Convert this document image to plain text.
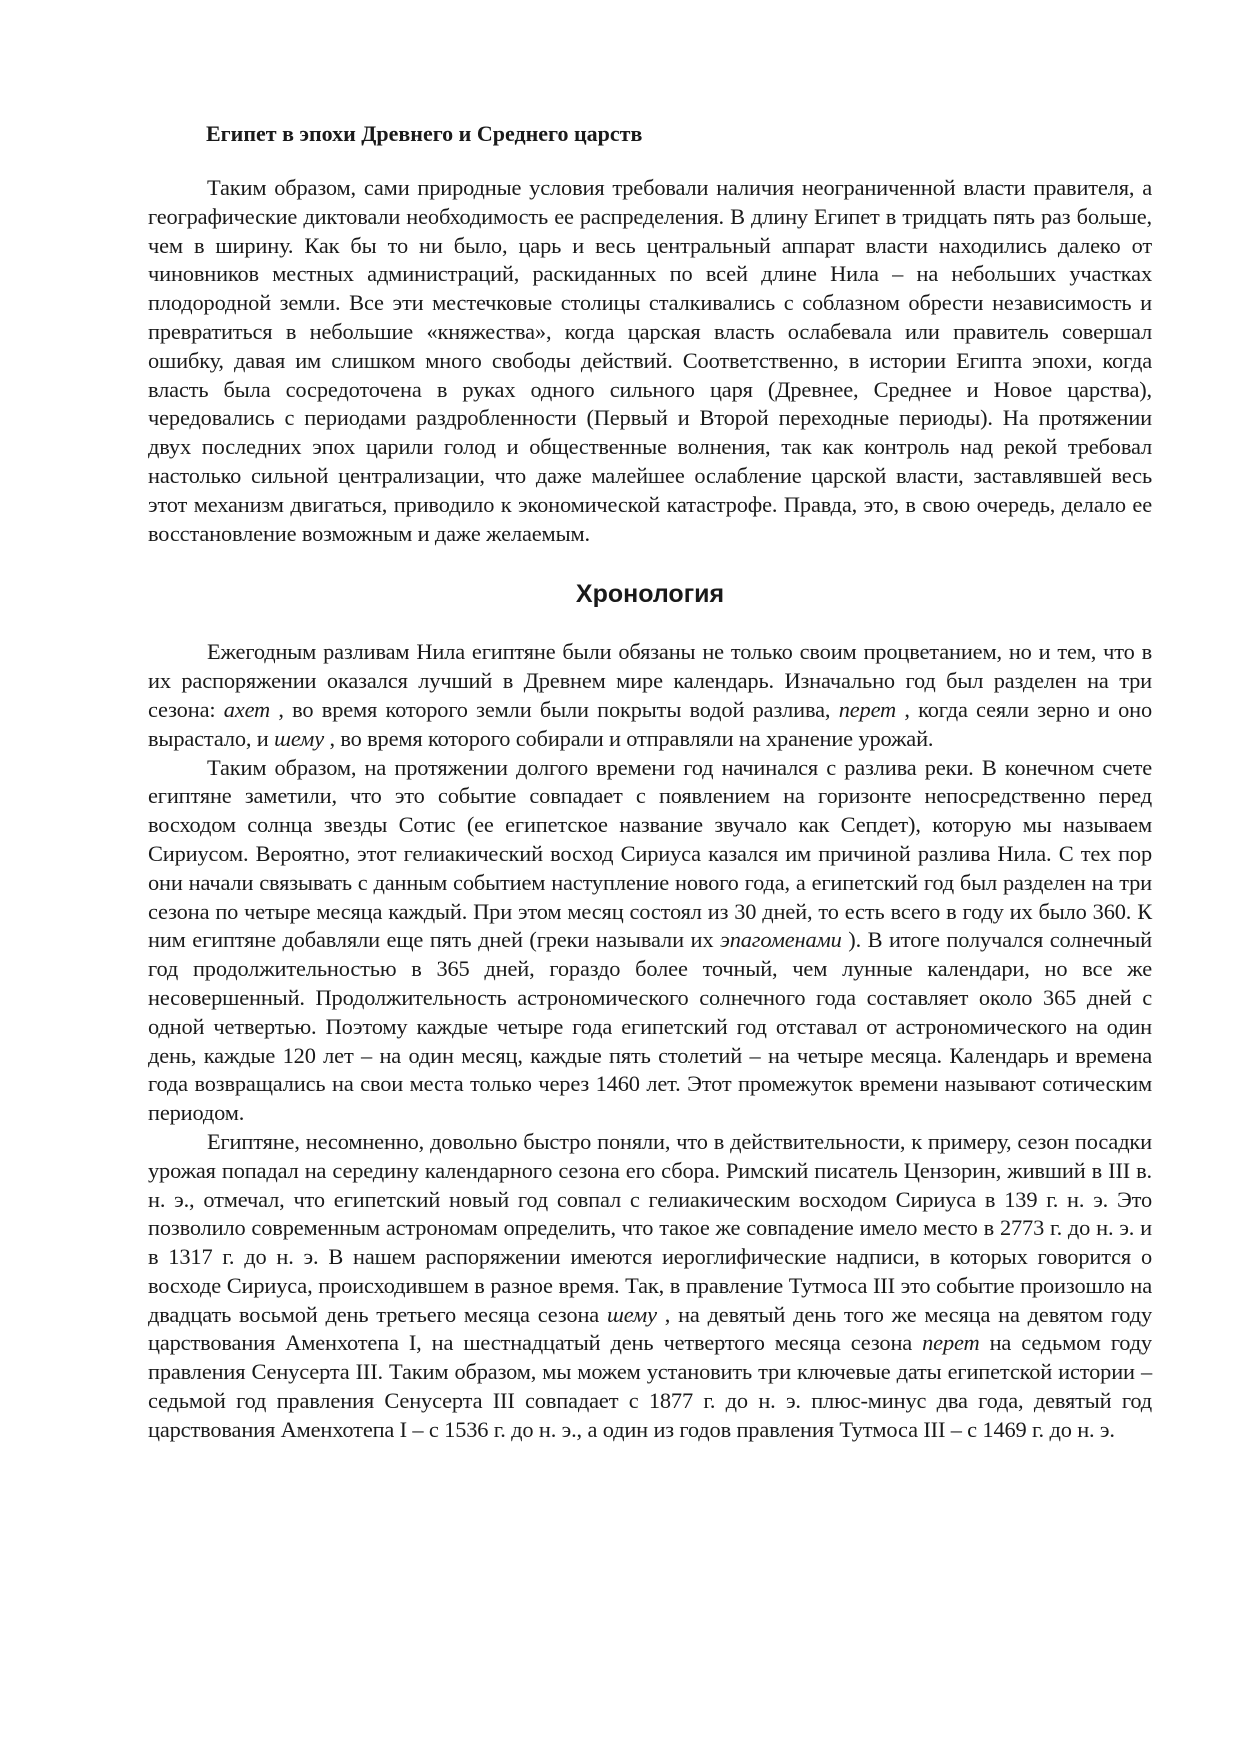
Египет в эпохи Древнего и Среднего царств

Таким образом, сами природные условия требовали наличия неограниченной власти правителя, а географические диктовали необходимость ее распределения. В длину Египет в тридцать пять раз больше, чем в ширину. Как бы то ни было, царь и весь центральный аппарат власти находились далеко от чиновников местных администраций, раскиданных по всей длине Нила – на небольших участках плодородной земли. Все эти местечковые столицы сталкивались с соблазном обрести независимость и превратиться в небольшие «княжества», когда царская власть ослабевала или правитель совершал ошибку, давая им слишком много свободы действий. Соответственно, в истории Египта эпохи, когда власть была сосредоточена в руках одного сильного царя (Древнее, Среднее и Новое царства), чередовались с периодами раздробленности (Первый и Второй переходные периоды). На протяжении двух последних эпох царили голод и общественные волнения, так как контроль над рекой требовал настолько сильной централизации, что даже малейшее ослабление царской власти, заставлявшей весь этот механизм двигаться, приводило к экономической катастрофе. Правда, это, в свою очередь, делало ее восстановление возможным и даже желаемым.

Хронология

Ежегодным разливам Нила египтяне были обязаны не только своим процветанием, но и тем, что в их распоряжении оказался лучший в Древнем мире календарь. Изначально год был разделен на три сезона: ахет , во время которого земли были покрыты водой разлива, перет , когда сеяли зерно и оно вырастало, и шему , во время которого собирали и отправляли на хранение урожай.

Таким образом, на протяжении долгого времени год начинался с разлива реки. В конечном счете египтяне заметили, что это событие совпадает с появлением на горизонте непосредственно перед восходом солнца звезды Сотис (ее египетское название звучало как Сепдет), которую мы называем Сириусом. Вероятно, этот гелиакический восход Сириуса казался им причиной разлива Нила. С тех пор они начали связывать с данным событием наступление нового года, а египетский год был разделен на три сезона по четыре месяца каждый. При этом месяц состоял из 30 дней, то есть всего в году их было 360. К ним египтяне добавляли еще пять дней (греки называли их эпагоменами ). В итоге получался солнечный год продолжительностью в 365 дней, гораздо более точный, чем лунные календари, но все же несовершенный. Продолжительность астрономического солнечного года составляет около 365 дней с одной четвертью. Поэтому каждые четыре года египетский год отставал от астрономического на один день, каждые 120 лет – на один месяц, каждые пять столетий – на четыре месяца. Календарь и времена года возвращались на свои места только через 1460 лет. Этот промежуток времени называют сотическим периодом.

Египтяне, несомненно, довольно быстро поняли, что в действительности, к примеру, сезон посадки урожая попадал на середину календарного сезона его сбора. Римский писатель Цензорин, живший в III в. н. э., отмечал, что египетский новый год совпал с гелиакическим восходом Сириуса в 139 г. н. э. Это позволило современным астрономам определить, что такое же совпадение имело место в 2773 г. до н. э. и в 1317 г. до н. э. В нашем распоряжении имеются иероглифические надписи, в которых говорится о восходе Сириуса, происходившем в разное время. Так, в правление Тутмоса III это событие произошло на двадцать восьмой день третьего месяца сезона шему , на девятый день того же месяца на девятом году царствования Аменхотепа I, на шестнадцатый день четвертого месяца сезона перет на седьмом году правления Сенусерта III. Таким образом, мы можем установить три ключевые даты египетской истории – седьмой год правления Сенусерта III совпадает с 1877 г. до н. э. плюс-минус два года, девятый год царствования Аменхотепа I – с 1536 г. до н. э., а один из годов правления Тутмоса III – с 1469 г. до н. э.
